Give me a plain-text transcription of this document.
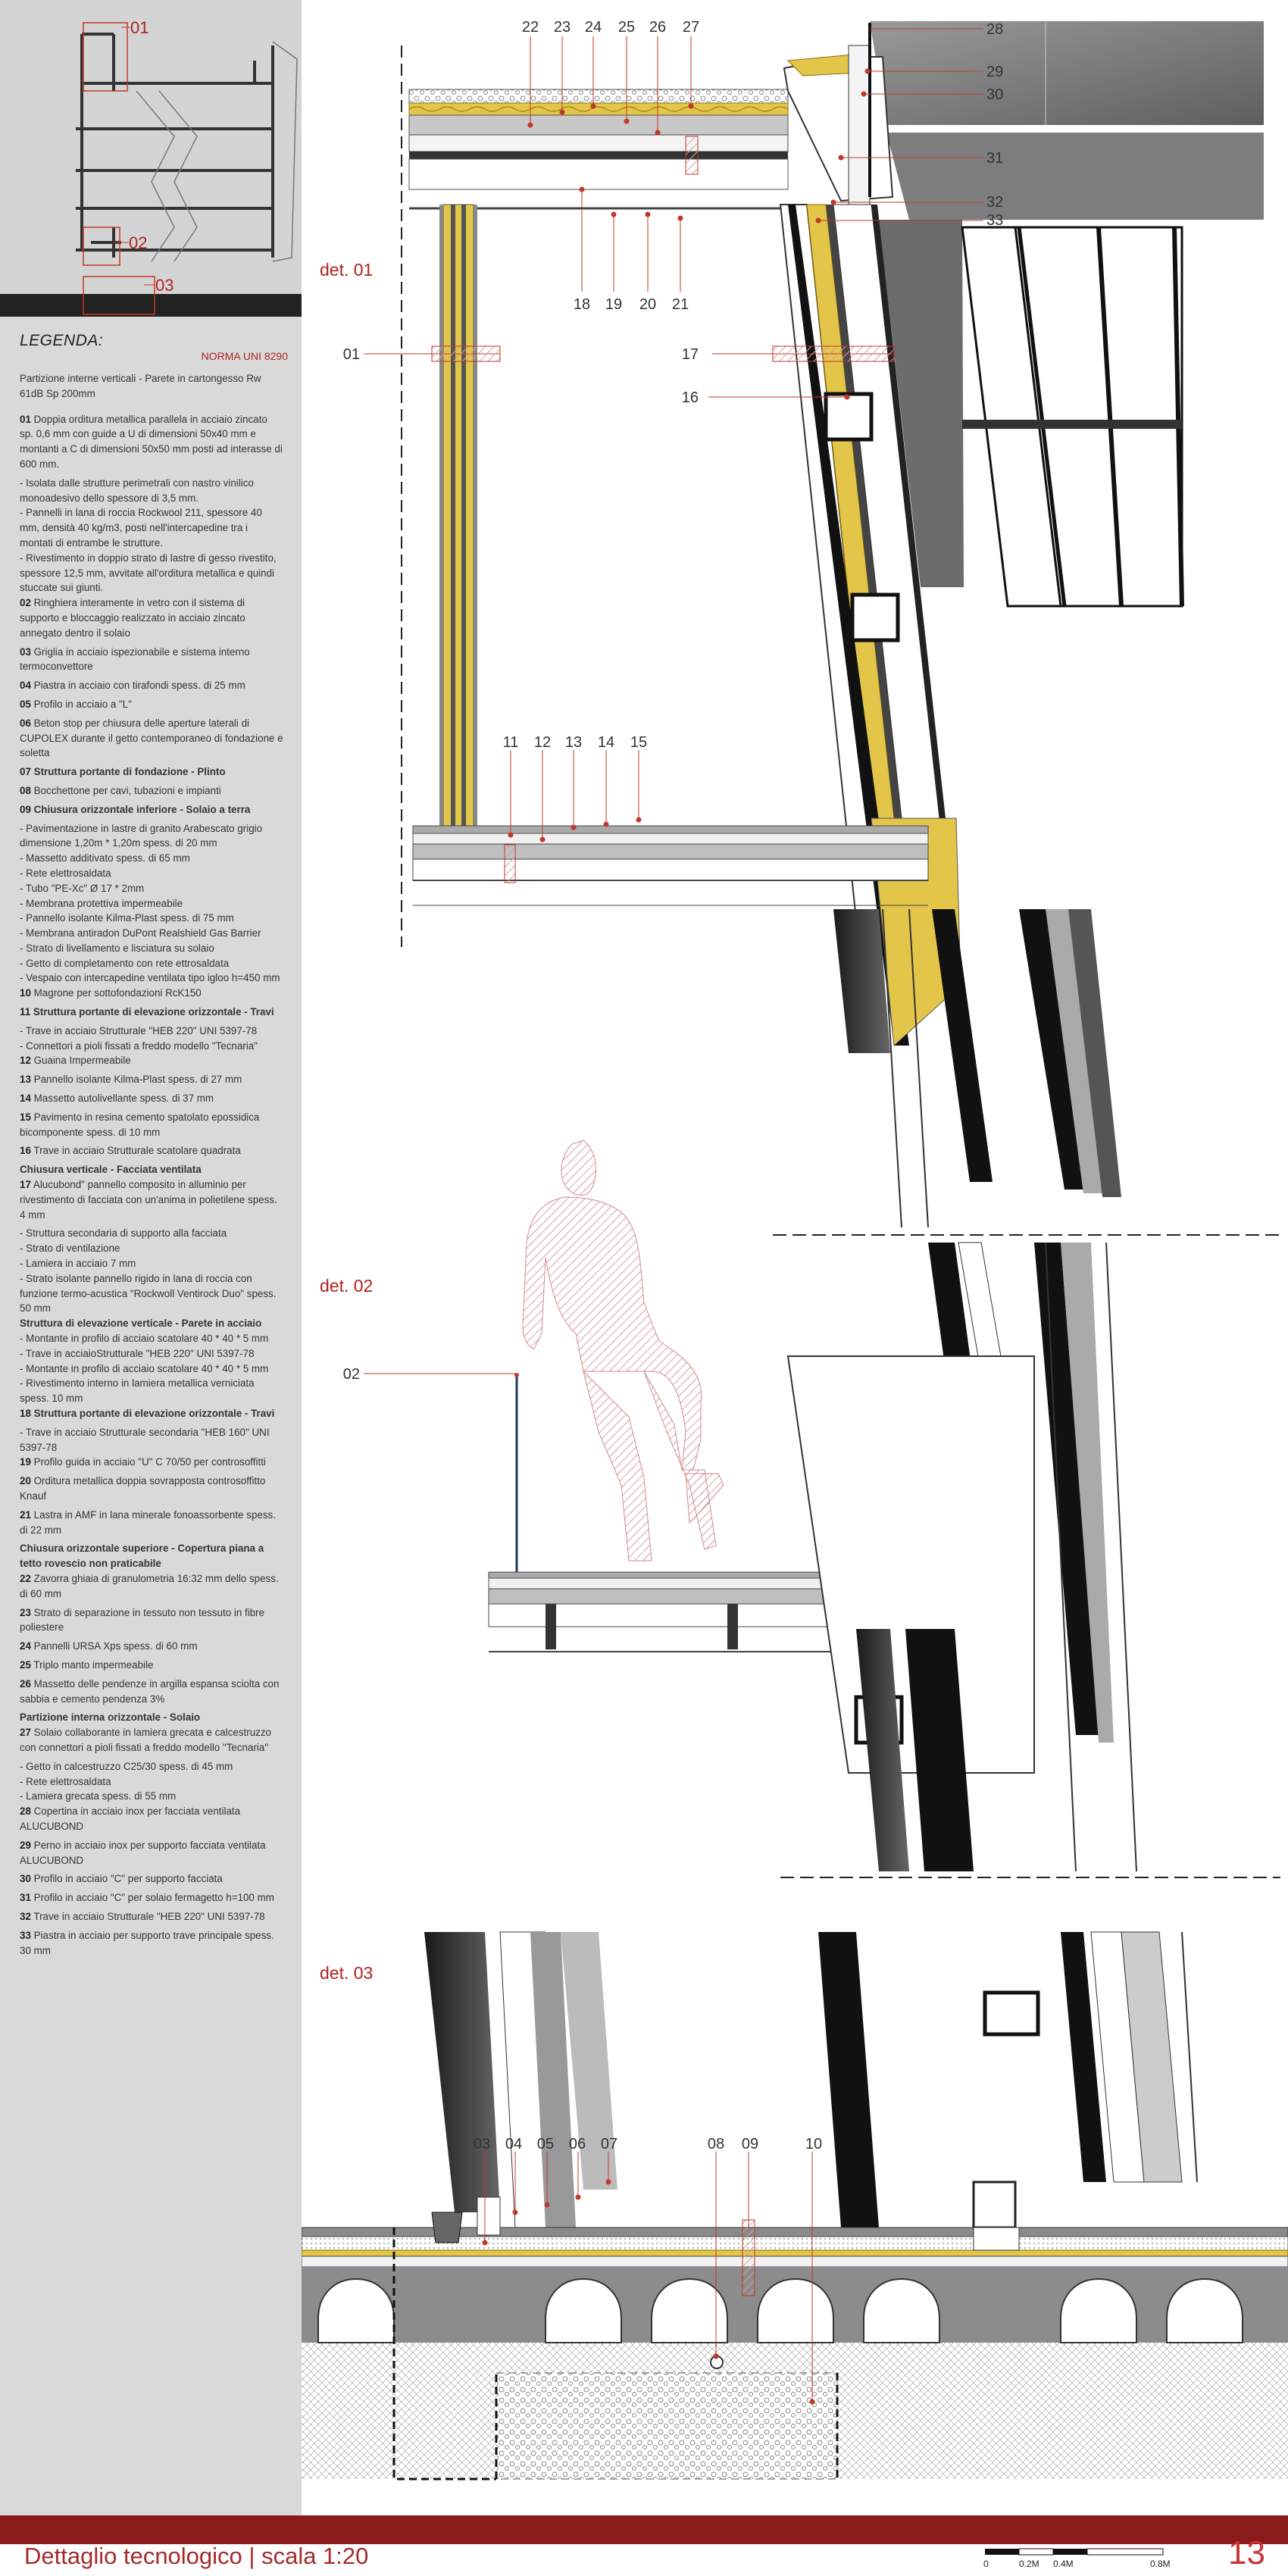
01
02
03
LEGENDA:
NORMA UNI 8290

Partizione interne verticali - Parete in cartongesso Rw 61dB Sp 200mm

01 Doppia orditura metallica parallela in acciaio zincato sp. 0,6 mm con guide a U di dimensioni 50x40 mm e montanti a C di dimensioni 50x50 mm posti ad interasse di 600 mm.

- Isolata dalle strutture perimetrali con nastro vinilico monoadesivo dello spessore di 3,5 mm.

- Pannelli in lana di roccia Rockwool 211, spessore 40 mm, densità 40 kg/m3, posti nell'intercapedine tra i montati di entrambe le strutture.

- Rivestimento in doppio strato di lastre di gesso rivestito, spessore 12,5 mm, avvitate all'orditura metallica e quindi stuccate sui giunti.

02 Ringhiera interamente in vetro con il sistema di supporto e bloccaggio realizzato in acciaio zincato annegato dentro il solaio

03 Griglia in acciaio ispezionabile e sistema interno termoconvettore

04 Piastra in acciaio con tirafondi spess. di 25 mm

05 Profilo in acciaio a "L"

06 Beton stop per chiusura delle aperture laterali di CUPOLEX durante il getto contemporaneo di fondazione e soletta

07 Struttura portante di fondazione - Plinto

08 Bocchettone per cavi, tubazioni e impianti

09 Chiusura orizzontale inferiore - Solaio a terra

- Pavimentazione in lastre di granito Arabescato grigio dimensione 1,20m * 1,20m spess. di 20 mm

- Massetto additivato spess. di 65 mm

- Rete elettrosaldata

- Tubo "PE-Xc" Ø 17 * 2mm

- Membrana protettiva impermeabile

- Pannello isolante Kilma-Plast spess. di 75 mm

- Membrana antiradon DuPont Realshield Gas Barrier

- Strato di livellamento e lisciatura su solaio

- Getto di completamento con rete ettrosaldata

- Vespaio con intercapedine ventilata tipo igloo h=450 mm

10 Magrone per sottofondazioni RcK150

11 Struttura portante di elevazione orizzontale - Travi

- Trave in acciaio Strutturale "HEB 220" UNI 5397-78

- Connettori a pioli fissati a freddo modello "Tecnaria"

12 Guaina Impermeabile

13 Pannello isolante Kilma-Plast spess. di 27 mm

14 Massetto autolivellante spess. di 37 mm

15 Pavimento in resina cemento spatolato epossidica bicomponente spess. di 10 mm

16 Trave in acciaio Strutturale scatolare quadrata

Chiusura verticale - Facciata ventilata

17 Alucubond" pannello composito in alluminio per rivestimento di facciata con un'anima in polietilene spess. 4 mm

- Struttura secondaria di supporto alla facciata

- Strato di ventilazione

- Lamiera in acciaio 7 mm

- Strato isolante pannello rigido in lana di roccia con funzione termo-acustica "Rockwoll Ventirock Duo" spess. 50 mm

Struttura di elevazione verticale - Parete in acciaio

- Montante in profilo di acciaio scatolare 40 * 40 * 5 mm

- Trave in acciaioStrutturale "HEB 220" UNI 5397-78

- Montante in profilo di acciaio scatolare 40 * 40 * 5 mm

- Rivestimento interno in lamiera metallica verniciata spess. 10 mm

18 Struttura portante di elevazione orizzontale - Travi

- Trave in acciaio Strutturale secondaria "HEB 160" UNI 5397-78

19 Profilo guida in acciaio "U" C 70/50 per controsoffitti

20 Orditura metallica doppia sovrapposta controsoffitto Knauf

21 Lastra in AMF in lana minerale fonoassorbente spess. di 22 mm

Chiusura orizzontale superiore - Copertura piana a tetto rovescio non praticabile

22 Zavorra ghiaia di granulometria 16:32 mm dello spess. di 60 mm

23 Strato di separazione in tessuto non tessuto in fibre poliestere

24 Pannelli URSA Xps spess. di 60 mm

25 Triplo manto impermeabile

26 Massetto delle pendenze in argilla espansa sciolta con sabbia e cemento pendenza 3%

Partizione interna orizzontale - Solaio

27 Solaio collaborante in lamiera grecata e calcestruzzo con connettori a pioli fissati a freddo modello "Tecnaria"

- Getto in calcestruzzo C25/30 spess. di 45 mm

- Rete elettrosaldata

- Lamiera grecata spess. di 55 mm

28 Copertina in acciaio inox per facciata ventilata ALUCUBOND

29 Perno in acciaio inox per supporto facciata ventilata ALUCUBOND

30 Profilo in acciaio "C" per supporto facciata

31 Profilo in acciaio "C" per solaio fermagetto h=100 mm

32 Trave in acciaio Strutturale "HEB 220" UNI 5397-78

33 Piastra in acciaio per supporto trave principale spess. 30 mm

det. 01
det. 02
det. 03
22 23 24 25 26 27
18 19 20 21
11 12 13 14 15
03 04 05 06 07	08 09	10
28
29
30
31
32
33
01	17
16
02
Dettaglio tecnologico | scala 1:20	13
0	0.2M 0.4M	0.8M
